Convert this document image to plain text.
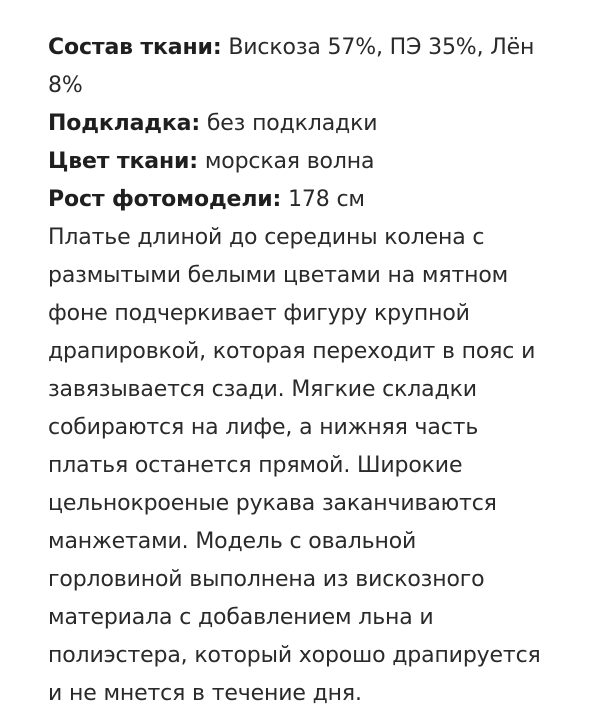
Состав ткани: Вискоза 57%, ПЭ 35%, Лён 8%

Подкладка: без подкладки

Цвет ткани: морская волна

Рост фотомодели: 178 см

Платье длиной до середины колена с размытыми белыми цветами на мятном фоне подчеркивает фигуру крупной драпировкой, которая переходит в пояс и завязывается сзади. Мягкие складки собираются на лифе, а нижняя часть платья останется прямой. Широкие цельнокроеные рукава заканчиваются манжетами. Модель с овальной горловиной выполнена из вискозного материала с добавлением льна и полиэстера, который хорошо драпируется и не мнется в течение дня.
